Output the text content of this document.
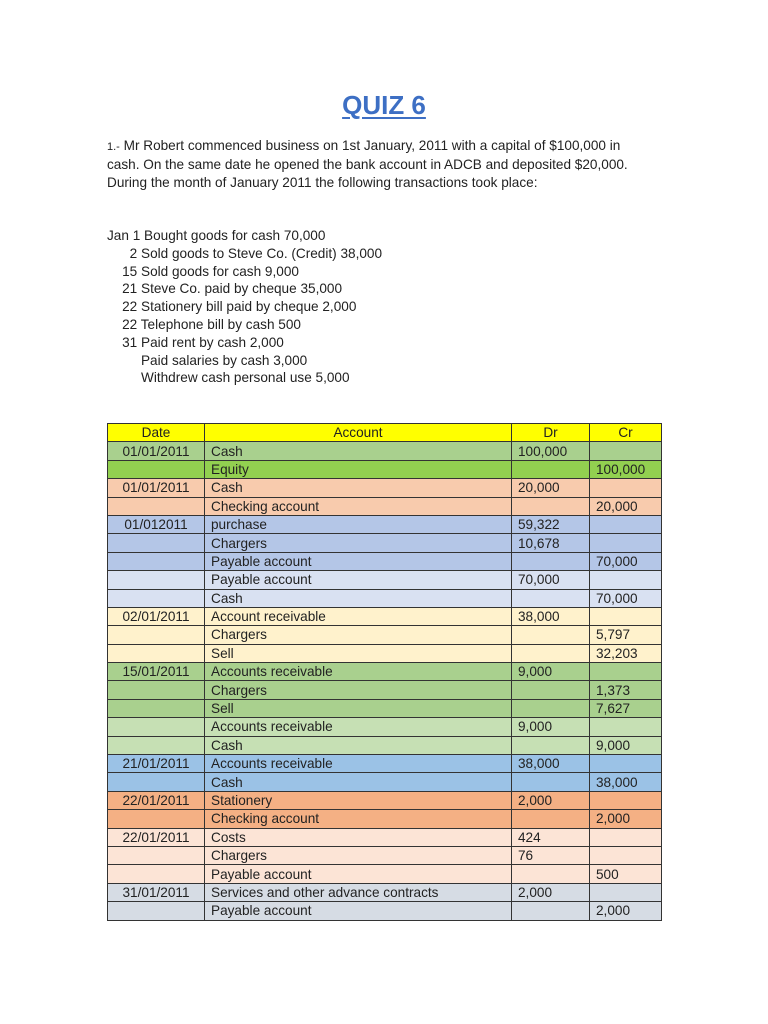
QUIZ 6
1.- Mr Robert commenced business on 1st January, 2011 with a capital of $100,000 in cash. On the same date he opened the bank account in ADCB and deposited $20,000. During the month of January 2011 the following transactions took place:
Jan 1 Bought goods for cash 70,000
2 Sold goods to Steve Co. (Credit) 38,000
15 Sold goods for cash 9,000
21 Steve Co. paid by cheque 35,000
22 Stationery bill paid by cheque 2,000
22 Telephone bill by cash 500
31 Paid rent by cash 2,000
Paid salaries by cash 3,000
Withdrew cash personal use 5,000
Date	Account	Dr	Cr
01/01/2011	Cash	100,000	
	Equity		100,000
01/01/2011	Cash	20,000	
	Checking account		20,000
01/012011	purchase	59,322	
	Chargers	10,678	
	Payable account		70,000
	Payable account	70,000	
	Cash		70,000
02/01/2011	Account receivable	38,000	
	Chargers		5,797
	Sell		32,203
15/01/2011	Accounts receivable	9,000	
	Chargers		1,373
	Sell		7,627
	Accounts receivable	9,000	
	Cash		9,000
21/01/2011	Accounts receivable	38,000	
	Cash		38,000
22/01/2011	Stationery	2,000	
	Checking account		2,000
22/01/2011	Costs	424	
	Chargers	76	
	Payable account		500
31/01/2011	Services and other advance contracts	2,000	
	Payable account		2,000
